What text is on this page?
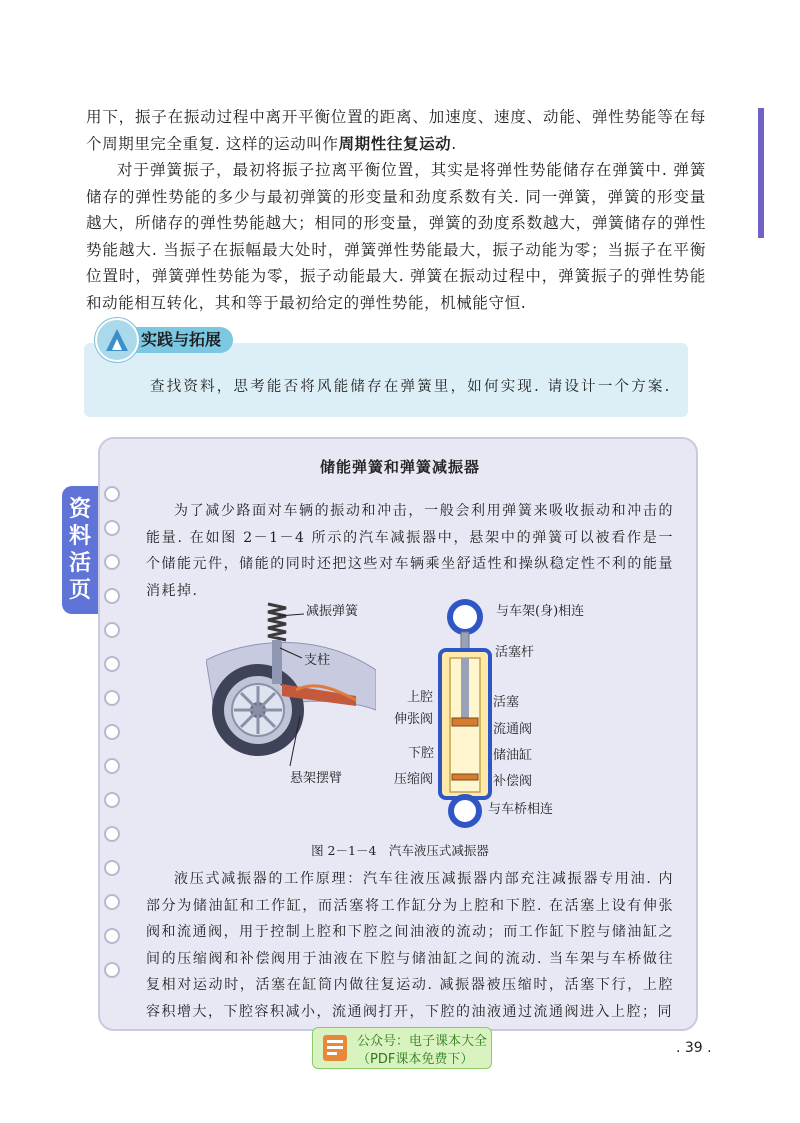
用下，振子在振动过程中离开平衡位置的距离、加速度、速度、动能、弹性势能等在每个周期里完全重复. 这样的运动叫作周期性往复运动.
对于弹簧振子，最初将振子拉离平衡位置，其实是将弹性势能储存在弹簧中. 弹簧储存的弹性势能的多少与最初弹簧的形变量和劲度系数有关. 同一弹簧，弹簧的形变量越大，所储存的弹性势能越大；相同的形变量，弹簧的劲度系数越大，弹簧储存的弹性势能越大. 当振子在振幅最大处时，弹簧弹性势能最大，振子动能为零；当振子在平衡位置时，弹簧弹性势能为零，振子动能最大. 弹簧在振动过程中，弹簧振子的弹性势能和动能相互转化，其和等于最初给定的弹性势能，机械能守恒.
实践与拓展
查找资料，思考能否将风能储存在弹簧里，如何实现. 请设计一个方案.
资料活页
储能弹簧和弹簧减振器
为了减少路面对车辆的振动和冲击，一般会利用弹簧来吸收振动和冲击的能量. 在如图 2－1－4 所示的汽车减振器中，悬架中的弹簧可以被看作是一个储能元件，储能的同时还把这些对车辆乘坐舒适性和操纵稳定性不利的能量消耗掉.
减振弹簧
支柱
悬架摆臂
与车架(身)相连
活塞杆
上腔	活塞
伸张阀
流通阀
下腔	储油缸
压缩阀	补偿阀
与车桥相连
图 2－1－4　汽车液压式减振器
液压式减振器的工作原理：汽车往液压减振器内部充注减振器专用油. 内部分为储油缸和工作缸，而活塞将工作缸分为上腔和下腔. 在活塞上设有伸张阀和流通阀，用于控制上腔和下腔之间油液的流动；而工作缸下腔与储油缸之间的压缩阀和补偿阀用于油液在下腔与储油缸之间的流动. 当车架与车桥做往复相对运动时，活塞在缸筒内做往复运动. 减振器被压缩时，活塞下行，上腔容积增大，下腔容积减小，流通阀打开，下腔的油液通过流通阀进入上腔；同
公众号：电子课本大全
（PDF课本免费下）
. 39 .
